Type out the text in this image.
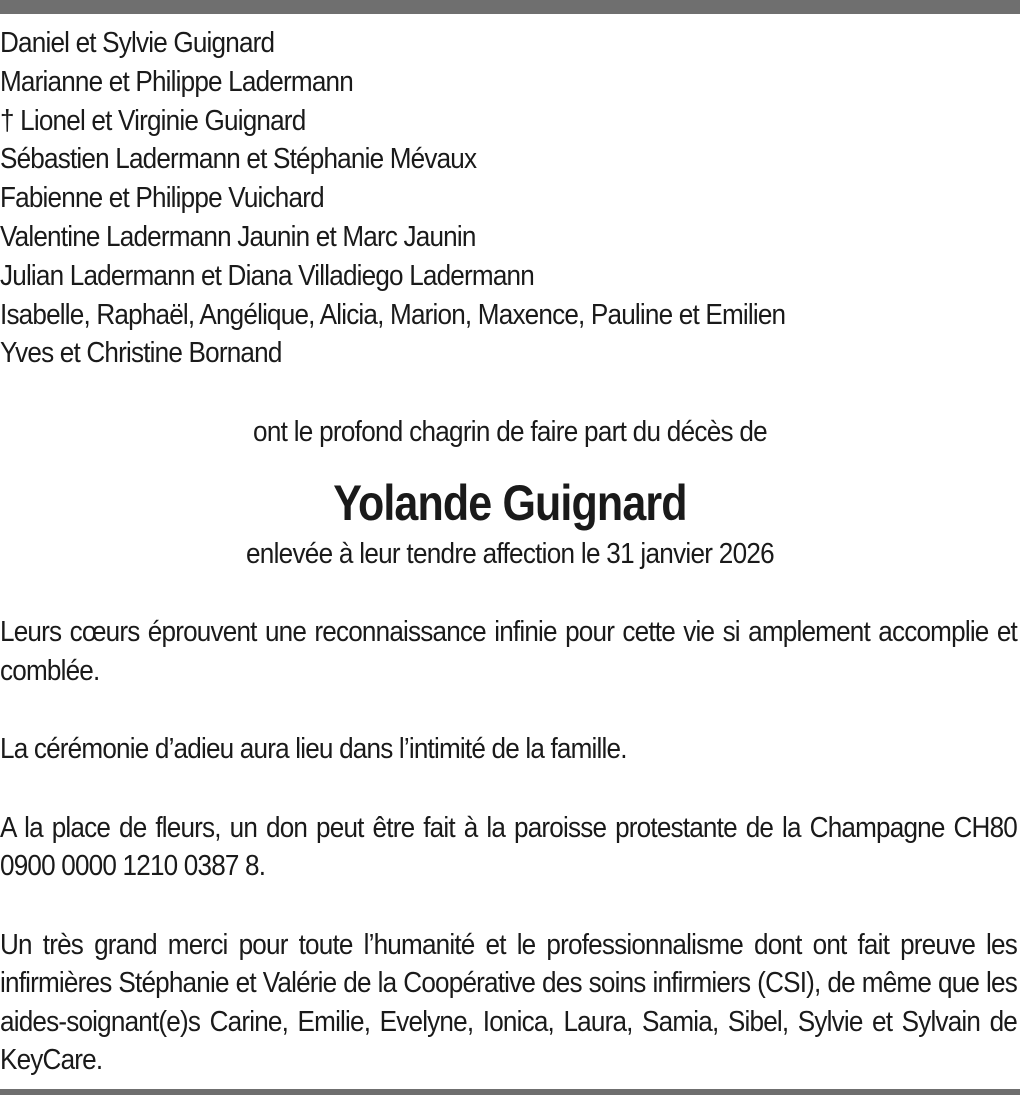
Daniel et Sylvie Guignard
Marianne et Philippe Ladermann
† Lionel et Virginie Guignard
Sébastien Ladermann et Stéphanie Mévaux
Fabienne et Philippe Vuichard
Valentine Ladermann Jaunin et Marc Jaunin
Julian Ladermann et Diana Villadiego Ladermann
Isabelle, Raphaël, Angélique, Alicia, Marion, Maxence, Pauline et Emilien
Yves et Christine Bornand
ont le profond chagrin de faire part du décès de
Yolande Guignard
enlevée à leur tendre affection le 31 janvier 2026

Leurs cœurs éprouvent une reconnaissance infinie pour cette vie si amplement accomplie et comblée.

La cérémonie d’adieu aura lieu dans l’intimité de la famille.

A la place de fleurs, un don peut être fait à la paroisse protestante de la Champagne CH80 0900 0000 1210 0387 8.

Un très grand merci pour toute l’humanité et le professionnalisme dont ont fait preuve les infirmières Stéphanie et Valérie de la Coopérative des soins infirmiers (CSI), de même que les aides-soignant(e)s Carine, Emilie, Evelyne, Ionica, Laura, Samia, Sibel, Sylvie et Sylvain de KeyCare.
